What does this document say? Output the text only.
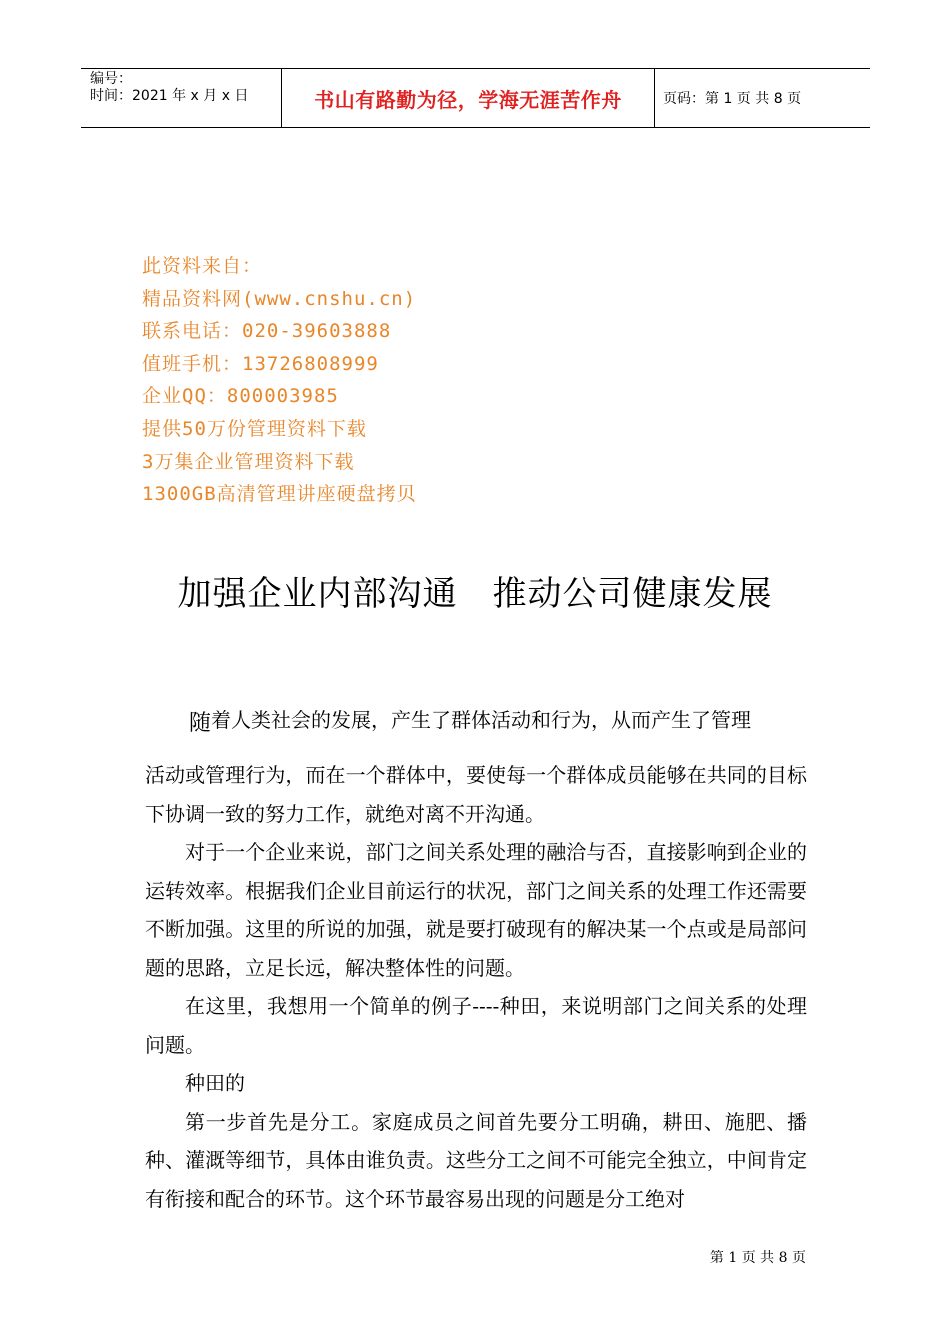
编号：
时间：2021 年 x 月 x 日	书山有路勤为径，学海无涯苦作舟	页码：第 1 页 共 8 页
此资料来自：
精品资料网(www.cnshu.cn)
联系电话：020-39603888
值班手机：13726808999
企业QQ：800003985
提供50万份管理资料下载
3万集企业管理资料下载
1300GB高清管理讲座硬盘拷贝
加强企业内部沟通　推动公司健康发展
随着人类社会的发展，产生了群体活动和行为，从而产生了管理

活动或管理行为，而在一个群体中，要使每一个群体成员能够在共同的目标下协调一致的努力工作，就绝对离不开沟通。

对于一个企业来说，部门之间关系处理的融洽与否，直接影响到企业的运转效率。根据我们企业目前运行的状况，部门之间关系的处理工作还需要不断加强。这里的所说的加强，就是要打破现有的解决某一个点或是局部问题的思路，立足长远，解决整体性的问题。

在这里，我想用一个简单的例子----种田，来说明部门之间关系的处理问题。

种田的

第一步首先是分工。家庭成员之间首先要分工明确，耕田、施肥、播种、灌溉等细节，具体由谁负责。这些分工之间不可能完全独立，中间肯定有衔接和配合的环节。这个环节最容易出现的问题是分工绝对

第 1 页 共 8 页
